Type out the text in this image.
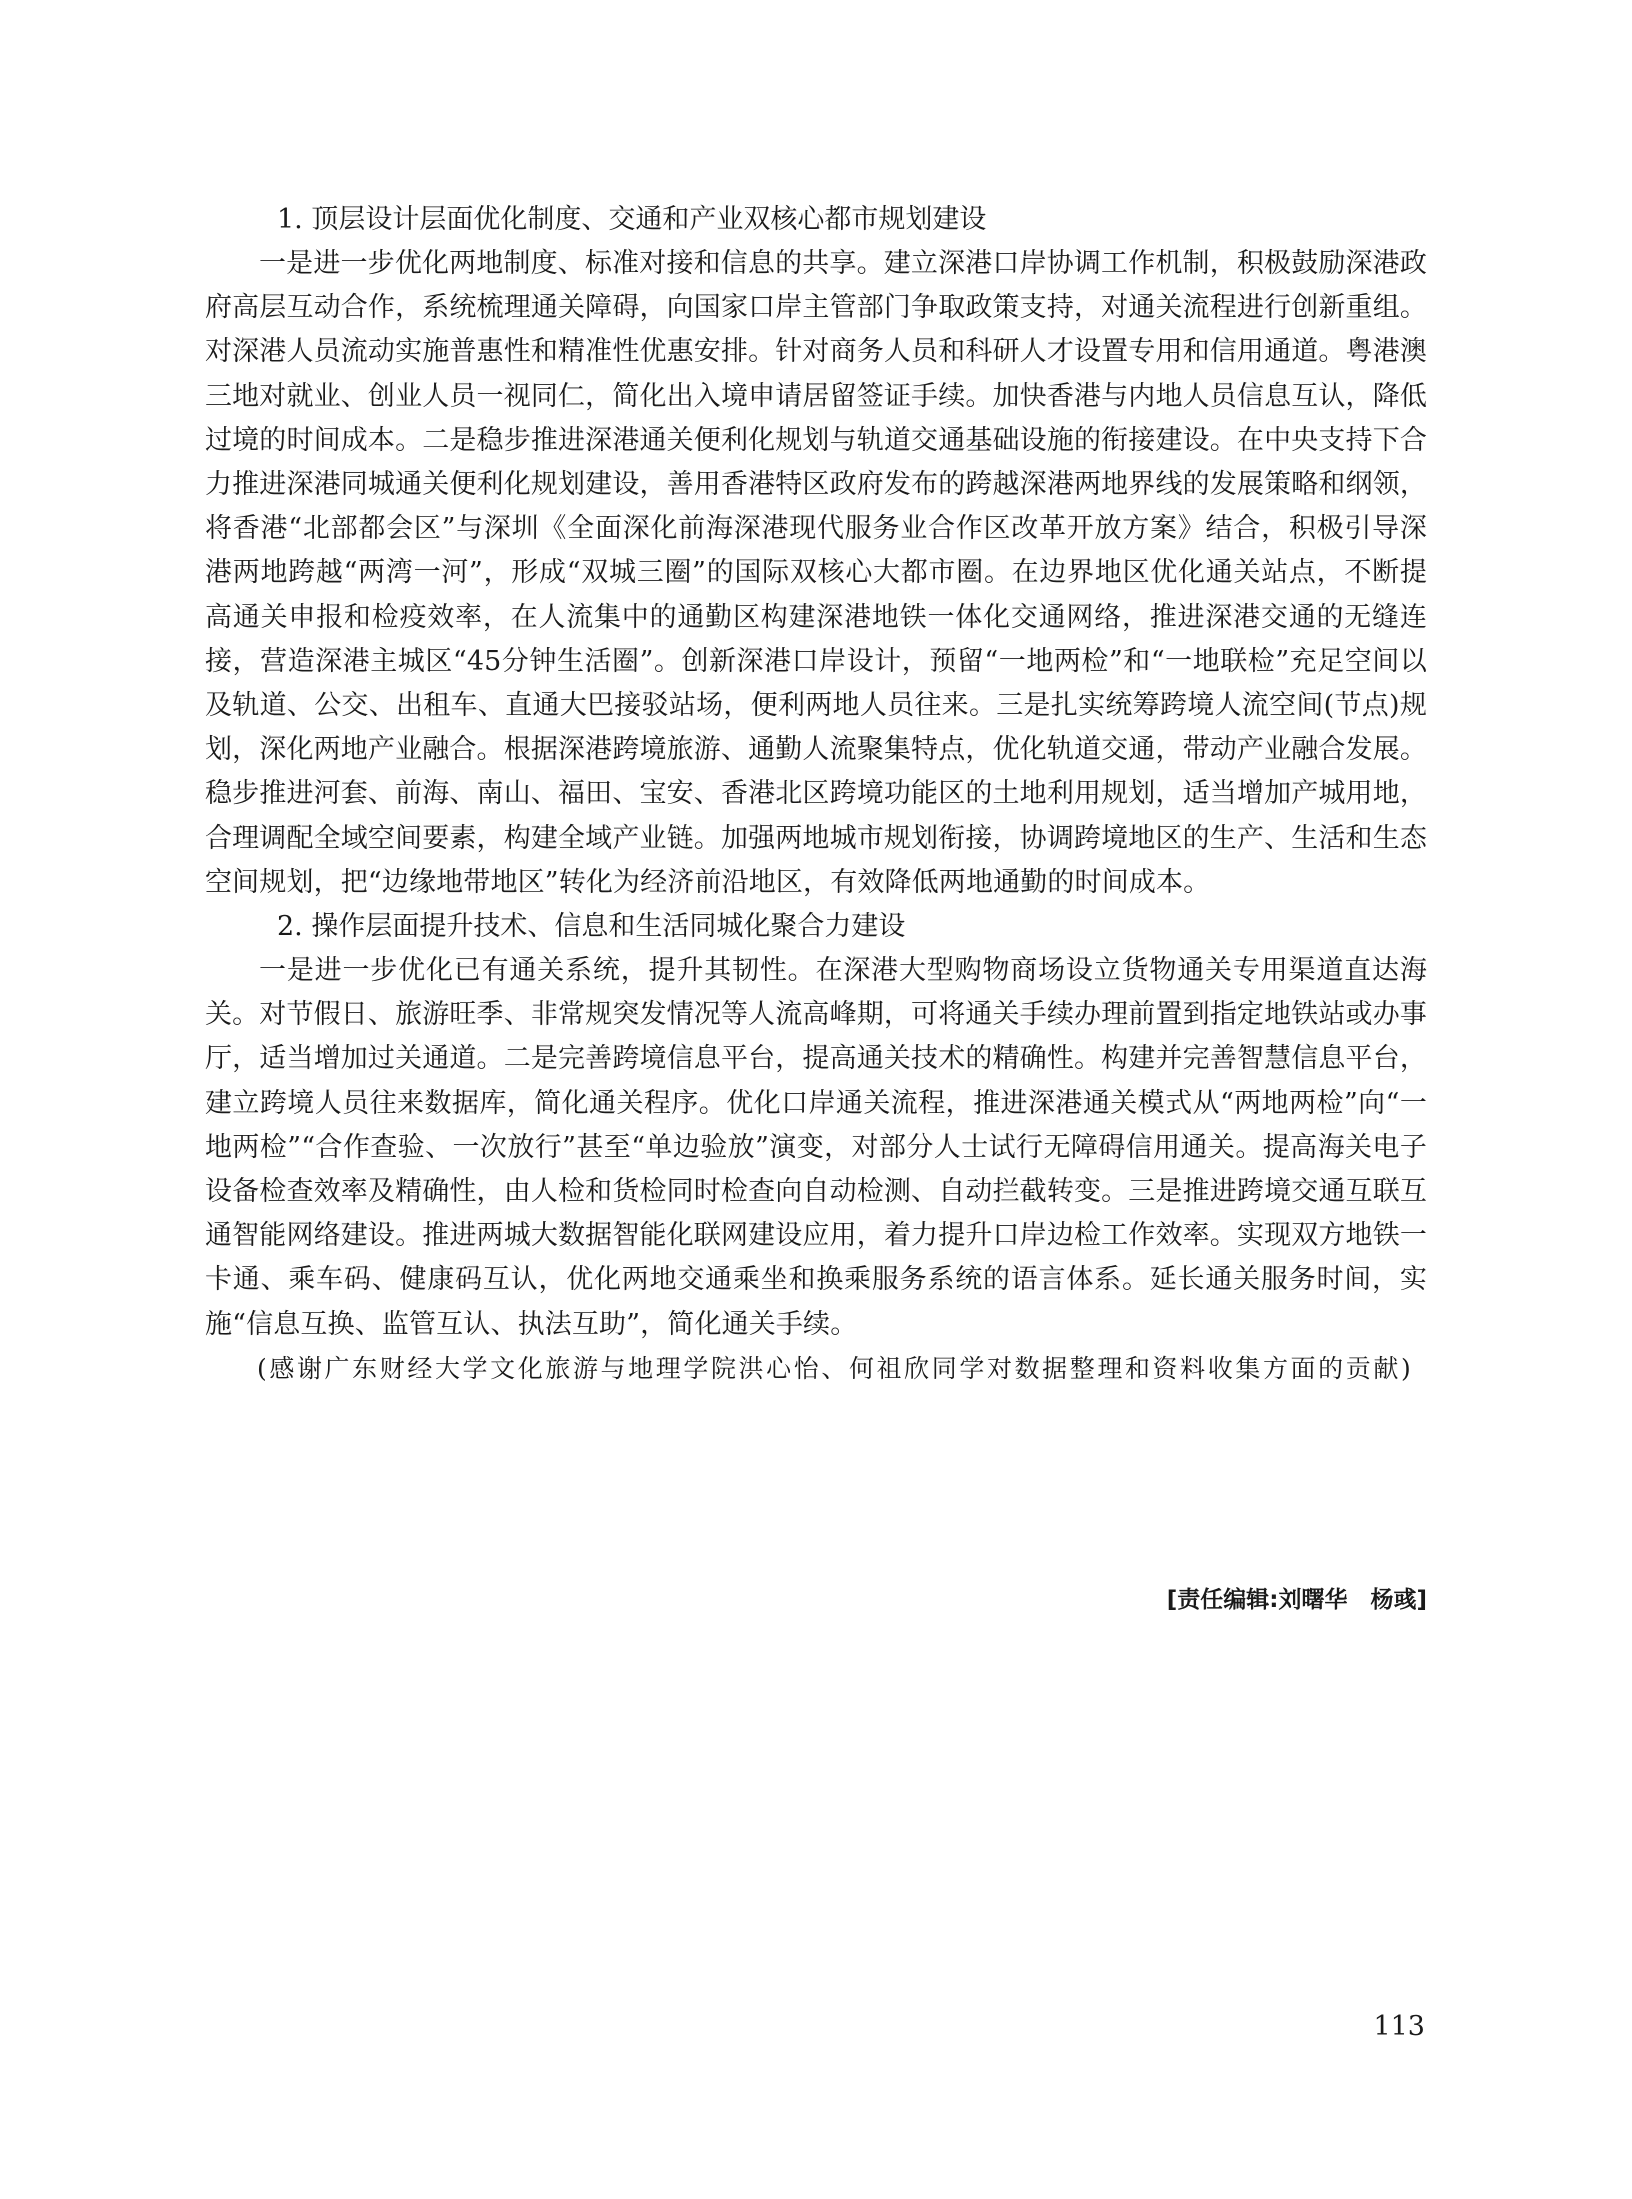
1. 顶层设计层面优化制度、交通和产业双核心都市规划建设

一是进一步优化两地制度、标准对接和信息的共享。建立深港口岸协调工作机制，积极鼓励深港政府高层互动合作，系统梳理通关障碍，向国家口岸主管部门争取政策支持，对通关流程进行创新重组。对深港人员流动实施普惠性和精准性优惠安排。针对商务人员和科研人才设置专用和信用通道。粤港澳三地对就业、创业人员一视同仁，简化出入境申请居留签证手续。加快香港与内地人员信息互认，降低过境的时间成本。二是稳步推进深港通关便利化规划与轨道交通基础设施的衔接建设。在中央支持下合力推进深港同城通关便利化规划建设，善用香港特区政府发布的跨越深港两地界线的发展策略和纲领，将香港“北部都会区”与深圳《全面深化前海深港现代服务业合作区改革开放方案》结合，积极引导深港两地跨越“两湾一河”，形成“双城三圈”的国际双核心大都市圈。在边界地区优化通关站点，不断提高通关申报和检疫效率，在人流集中的通勤区构建深港地铁一体化交通网络，推进深港交通的无缝连接，营造深港主城区“45分钟生活圈”。创新深港口岸设计，预留“一地两检”和“一地联检”充足空间以及轨道、公交、出租车、直通大巴接驳站场，便利两地人员往来。三是扎实统筹跨境人流空间(节点)规划，深化两地产业融合。根据深港跨境旅游、通勤人流聚集特点，优化轨道交通，带动产业融合发展。稳步推进河套、前海、南山、福田、宝安、香港北区跨境功能区的土地利用规划，适当增加产城用地，合理调配全域空间要素，构建全域产业链。加强两地城市规划衔接，协调跨境地区的生产、生活和生态空间规划，把“边缘地带地区”转化为经济前沿地区，有效降低两地通勤的时间成本。

2. 操作层面提升技术、信息和生活同城化聚合力建设

一是进一步优化已有通关系统，提升其韧性。在深港大型购物商场设立货物通关专用渠道直达海关。对节假日、旅游旺季、非常规突发情况等人流高峰期，可将通关手续办理前置到指定地铁站或办事厅，适当增加过关通道。二是完善跨境信息平台，提高通关技术的精确性。构建并完善智慧信息平台，建立跨境人员往来数据库，简化通关程序。优化口岸通关流程，推进深港通关模式从“两地两检”向“一地两检”“合作查验、一次放行”甚至“单边验放”演变，对部分人士试行无障碍信用通关。提高海关电子设备检查效率及精确性，由人检和货检同时检查向自动检测、自动拦截转变。三是推进跨境交通互联互通智能网络建设。推进两城大数据智能化联网建设应用，着力提升口岸边检工作效率。实现双方地铁一卡通、乘车码、健康码互认，优化两地交通乘坐和换乘服务系统的语言体系。延长通关服务时间，实施“信息互换、监管互认、执法互助”，简化通关手续。

(感谢广东财经大学文化旅游与地理学院洪心怡、何祖欣同学对数据整理和资料收集方面的贡献)

[责任编辑:刘曙华　杨彧]
113
